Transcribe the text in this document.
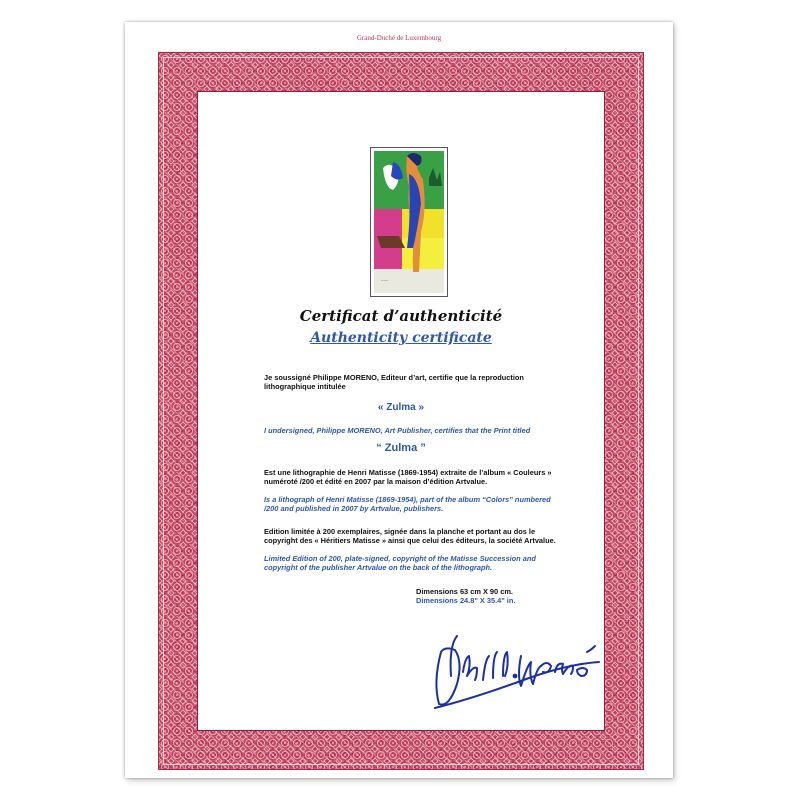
Grand-Duché de Luxembourg
~~~
Certificat d’authenticité
Authenticity certificate
Je soussigné Philippe MORENO, Editeur d’art, certifie que la reproduction lithographique intitulée
« Zulma »
I undersigned, Philippe MORENO, Art Publisher, certifies that the Print titled
“ Zulma ”
Est une lithographie de Henri Matisse (1869-1954) extraite de l’album « Couleurs » numéroté /200 et édité en 2007 par la maison d’édition Artvalue.
Is a lithograph of Henri Matisse (1869-1954), part of the album “Colors” numbered /200 and published in 2007 by Artvalue, publishers.
Edition limitée à 200 exemplaires, signée dans la planche et portant au dos le copyright des « Héritiers Matisse » ainsi que celui des éditeurs, la société Artvalue.
Limited Edition of 200, plate-signed, copyright of the Matisse Succession and copyright of the publisher Artvalue on the back of the lithograph.
Dimensions 63 cm X 90 cm.
Dimensions 24.8" X 35.4" in.
